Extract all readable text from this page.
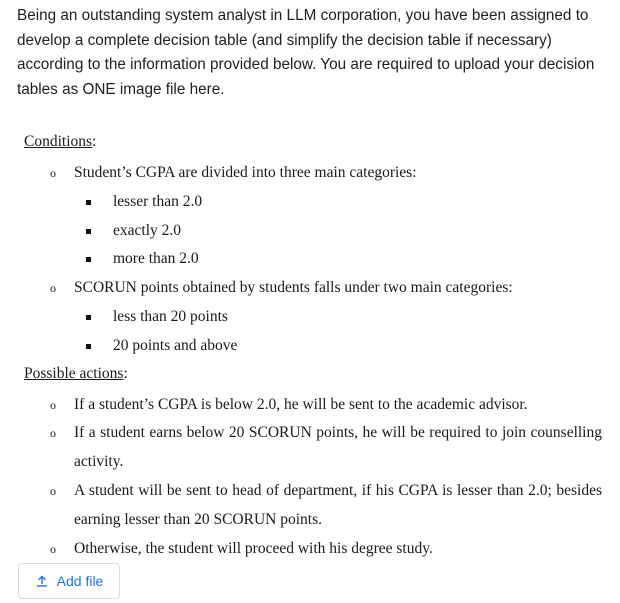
Being an outstanding system analyst in LLM corporation, you have been assigned to develop a complete decision table (and simplify the decision table if necessary) according to the information provided below. You are required to upload your decision tables as ONE image file here.
Conditions:
o Student’s CGPA are divided into three main categories:
lesser than 2.0
exactly 2.0
more than 2.0
o SCORUN points obtained by students falls under two main categories:
less than 20 points
20 points and above
Possible actions:
o If a student’s CGPA is below 2.0, he will be sent to the academic advisor.
o If a student earns below 20 SCORUN points, he will be required to join counselling activity.
o A student will be sent to head of department, if his CGPA is lesser than 2.0; besides earning lesser than 20 SCORUN points.
o Otherwise, the student will proceed with his degree study.
Add file
